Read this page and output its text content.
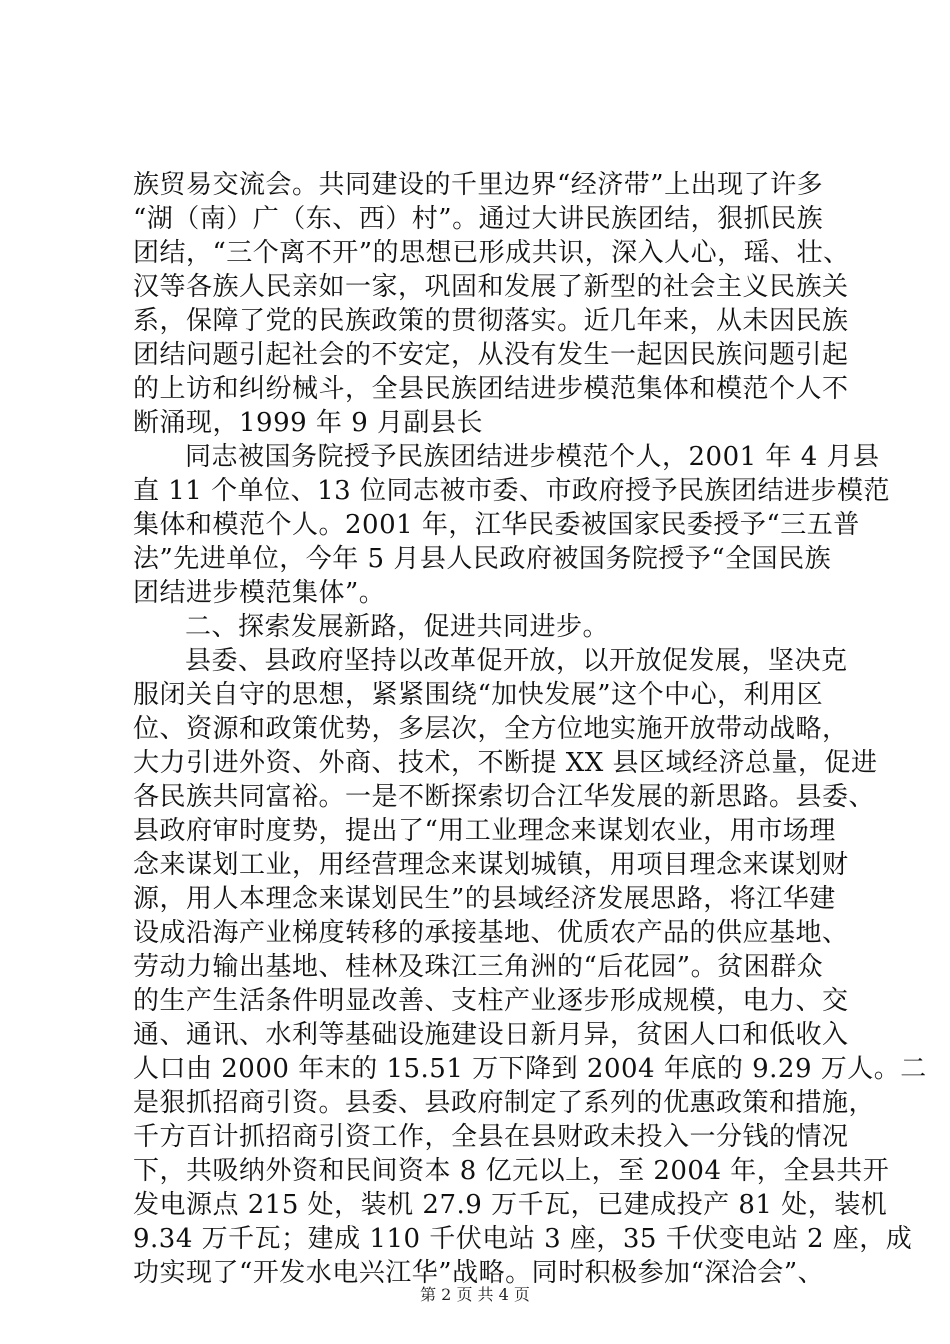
族贸易交流会。共同建设的千里边界“经济带”上出现了许多
“湖（南）广（东、西）村”。通过大讲民族团结，狠抓民族
团结，“三个离不开”的思想已形成共识，深入人心，瑶、壮、
汉等各族人民亲如一家，巩固和发展了新型的社会主义民族关
系，保障了党的民族政策的贯彻落实。近几年来，从未因民族
团结问题引起社会的不安定，从没有发生一起因民族问题引起
的上访和纠纷械斗，全县民族团结进步模范集体和模范个人不
断涌现，1999 年 9 月副县长
同志被国务院授予民族团结进步模范个人，2001 年 4 月县
直 11 个单位、13 位同志被市委、市政府授予民族团结进步模范
集体和模范个人。2001 年，江华民委被国家民委授予“三五普
法”先进单位，今年 5 月县人民政府被国务院授予“全国民族
团结进步模范集体”。
二、探索发展新路，促进共同进步。
县委、县政府坚持以改革促开放，以开放促发展，坚决克
服闭关自守的思想，紧紧围绕“加快发展”这个中心，利用区
位、资源和政策优势，多层次，全方位地实施开放带动战略，
大力引进外资、外商、技术，不断提 XX 县区域经济总量，促进
各民族共同富裕。一是不断探索切合江华发展的新思路。县委、
县政府审时度势，提出了“用工业理念来谋划农业，用市场理
念来谋划工业，用经营理念来谋划城镇，用项目理念来谋划财
源，用人本理念来谋划民生”的县域经济发展思路，将江华建
设成沿海产业梯度转移的承接基地、优质农产品的供应基地、
劳动力输出基地、桂林及珠江三角洲的“后花园”。贫困群众
的生产生活条件明显改善、支柱产业逐步形成规模，电力、交
通、通讯、水利等基础设施建设日新月异，贫困人口和低收入
人口由 2000 年末的 15.51 万下降到 2004 年底的 9.29 万人。二
是狠抓招商引资。县委、县政府制定了系列的优惠政策和措施，
千方百计抓招商引资工作，全县在县财政未投入一分钱的情况
下，共吸纳外资和民间资本 8 亿元以上，至 2004 年，全县共开
发电源点 215 处，装机 27.9 万千瓦，已建成投产 81 处，装机
9.34 万千瓦；建成 110 千伏电站 3 座，35 千伏变电站 2 座，成
功实现了“开发水电兴江华”战略。同时积极参加“深洽会”、
第 2 页 共 4 页
